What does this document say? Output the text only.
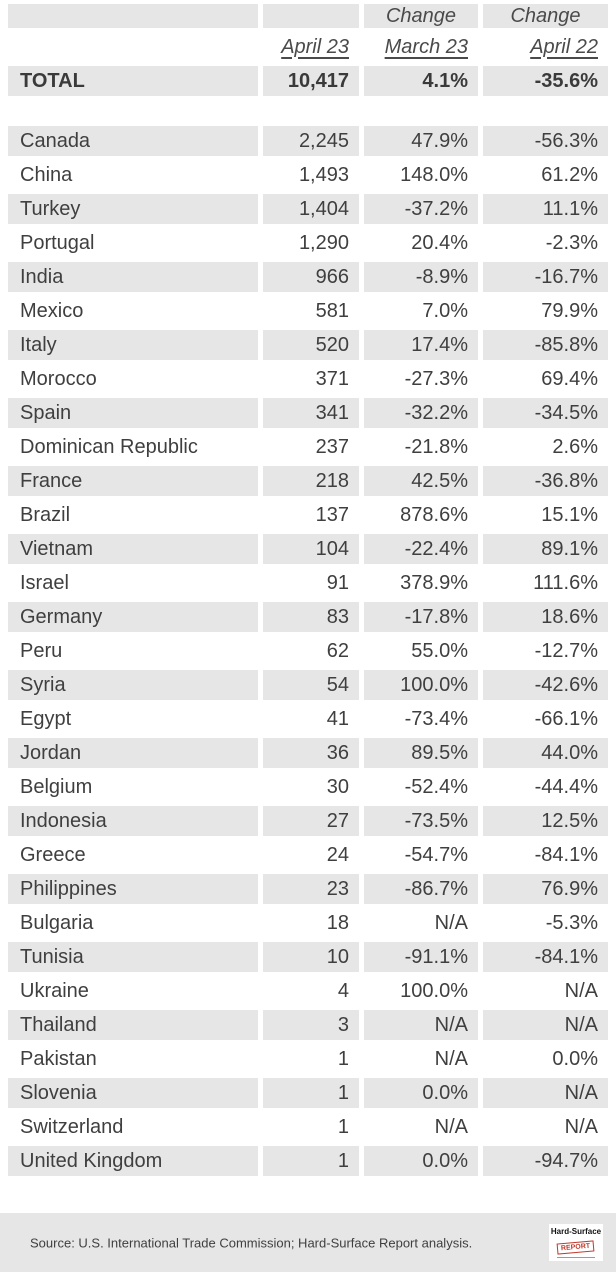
		Change	Change
	April 23	March 23	April 22
TOTAL	10,417	4.1%	-35.6%

Canada	2,245	47.9%	-56.3%
China	1,493	148.0%	61.2%
Turkey	1,404	-37.2%	11.1%
Portugal	1,290	20.4%	-2.3%
India	966	-8.9%	-16.7%
Mexico	581	7.0%	79.9%
Italy	520	17.4%	-85.8%
Morocco	371	-27.3%	69.4%
Spain	341	-32.2%	-34.5%
Dominican Republic	237	-21.8%	2.6%
France	218	42.5%	-36.8%
Brazil	137	878.6%	15.1%
Vietnam	104	-22.4%	89.1%
Israel	91	378.9%	111.6%
Germany	83	-17.8%	18.6%
Peru	62	55.0%	-12.7%
Syria	54	100.0%	-42.6%
Egypt	41	-73.4%	-66.1%
Jordan	36	89.5%	44.0%
Belgium	30	-52.4%	-44.4%
Indonesia	27	-73.5%	12.5%
Greece	24	-54.7%	-84.1%
Philippines	23	-86.7%	76.9%
Bulgaria	18	N/A	-5.3%
Tunisia	10	-91.1%	-84.1%
Ukraine	4	100.0%	N/A
Thailand	3	N/A	N/A
Pakistan	1	N/A	0.0%
Slovenia	1	0.0%	N/A
Switzerland	1	N/A	N/A
United Kingdom	1	0.0%	-94.7%
Source: U.S. International Trade Commission; Hard-Surface Report analysis.
Hard-Surface
REPORT
